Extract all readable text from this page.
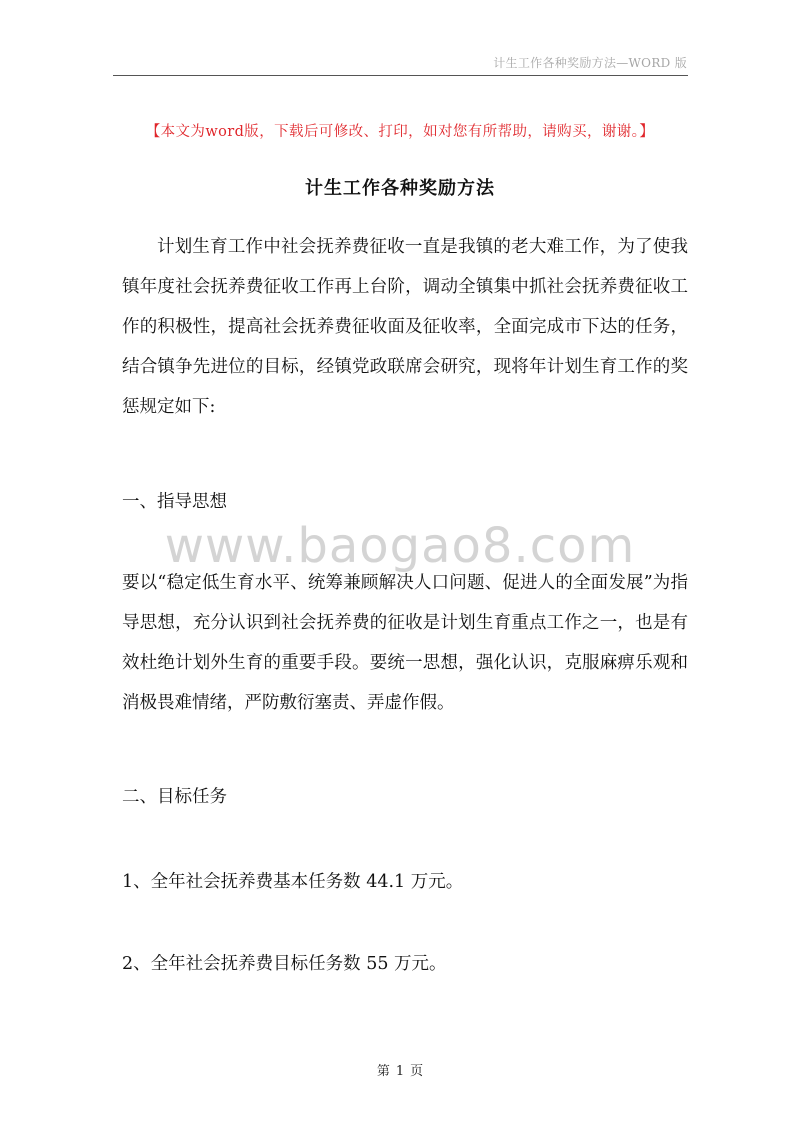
计生工作各种奖励方法—WORD 版
【本文为word版，下载后可修改、打印，如对您有所帮助，请购买，谢谢。】
计生工作各种奖励方法
计划生育工作中社会抚养费征收一直是我镇的老大难工作，为了使我镇年度社会抚养费征收工作再上台阶，调动全镇集中抓社会抚养费征收工作的积极性，提高社会抚养费征收面及征收率，全面完成市下达的任务，结合镇争先进位的目标，经镇党政联席会研究，现将年计划生育工作的奖惩规定如下:
一、指导思想
www.baogao8.com
要以“稳定低生育水平、统筹兼顾解决人口问题、促进人的全面发展”为指导思想，充分认识到社会抚养费的征收是计划生育重点工作之一，也是有效杜绝计划外生育的重要手段。要统一思想，强化认识，克服麻痹乐观和消极畏难情绪，严防敷衍塞责、弄虚作假。
二、目标任务
1、全年社会抚养费基本任务数 44.1 万元。
2、全年社会抚养费目标任务数 55 万元。
第 1 页
